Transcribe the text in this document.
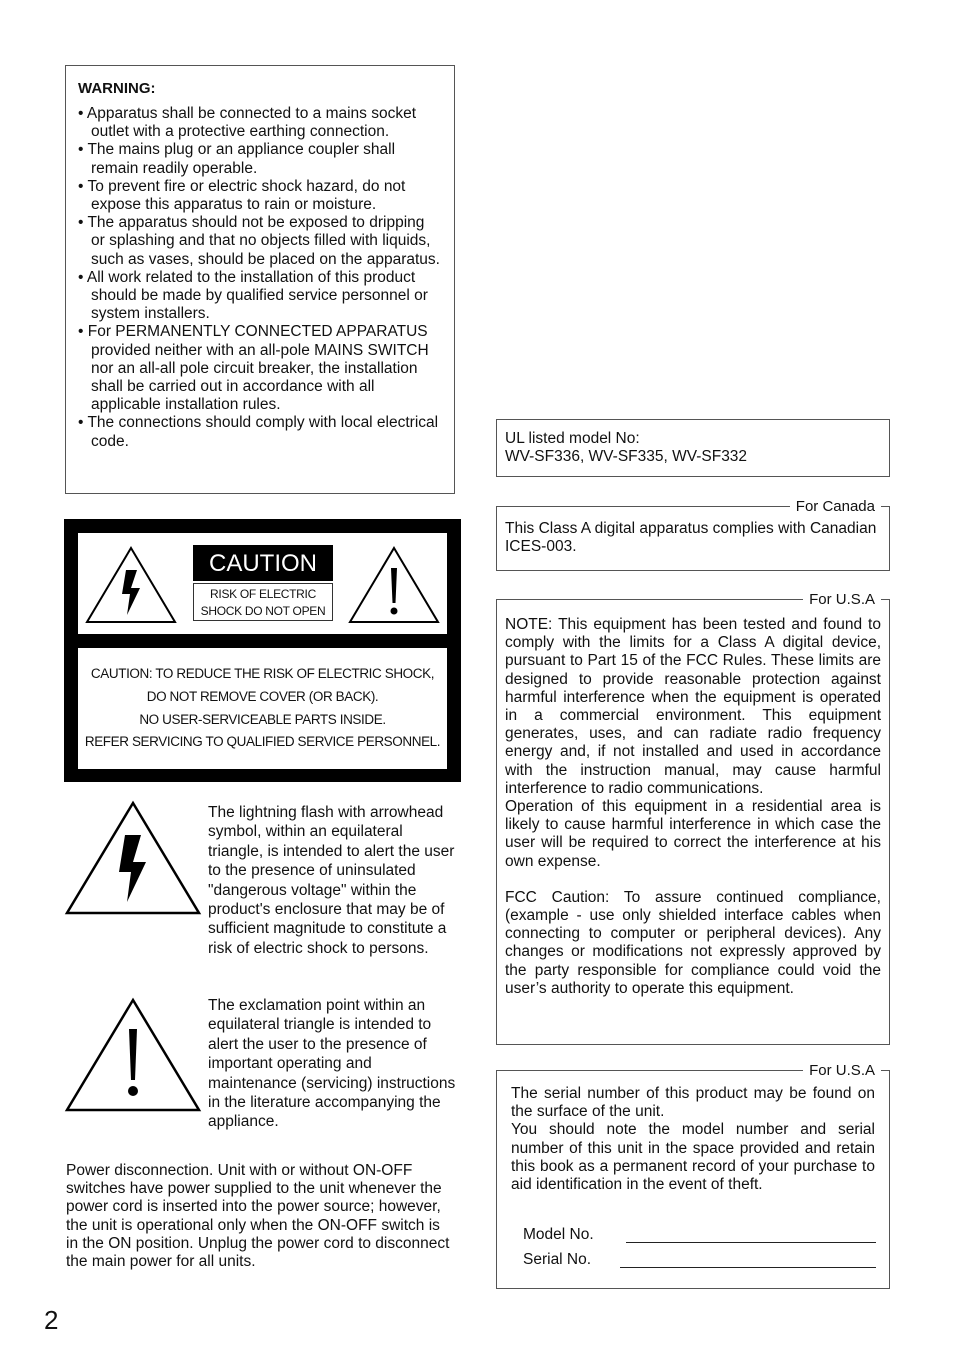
WARNING:
• Apparatus shall be connected to a mains socket outlet with a protective earthing connection.
• The mains plug or an appliance coupler shall remain readily operable.
• To prevent fire or electric shock hazard, do not expose this apparatus to rain or moisture.
• The apparatus should not be exposed to dripping or splashing and that no objects filled with liquids, such as vases, should be placed on the apparatus.
• All work related to the installation of this product should be made by qualified service personnel or system installers.
• For PERMANENTLY CONNECTED APPARATUS provided neither with an all-pole MAINS SWITCH nor an all-all pole circuit breaker, the installation shall be carried out in accordance with all applicable installation rules.
• The connections should comply with local electrical code.
CAUTION
RISK OF ELECTRIC
SHOCK DO NOT OPEN

CAUTION: TO REDUCE THE RISK OF ELECTRIC SHOCK,

DO NOT REMOVE COVER (OR BACK).

NO USER-SERVICEABLE PARTS INSIDE.

REFER SERVICING TO QUALIFIED SERVICE PERSONNEL.

The lightning flash with arrowhead symbol, within an equilateral triangle, is intended to alert the user to the presence of uninsulated "dangerous voltage" within the product's enclosure that may be of sufficient magnitude to constitute a risk of electric shock to persons.
The exclamation point within an equilateral triangle is intended to alert the user to the presence of important operating and maintenance (servicing) instructions in the literature accompanying the appliance.
Power disconnection. Unit with or without ON-OFF switches have power supplied to the unit whenever the power cord is inserted into the power source; however, the unit is operational only when the ON-OFF switch is in the ON position. Unplug the power cord to disconnect the main power for all units.
UL listed model No:
WV-SF336, WV-SF335, WV-SF332
For Canada
This Class A digital apparatus complies with Canadian ICES-003.
For U.S.A
NOTE: This equipment has been tested and found to comply with the limits for a Class A digital device, pursuant to Part 15 of the FCC Rules. These limits are designed to provide reasonable protection against harmful interference when the equipment is operated in a commercial environment. This equipment generates, uses, and can radiate radio frequency energy and, if not installed and used in accordance with the instruction manual, may cause harmful interference to radio communications.
Operation of this equipment in a residential area is likely to cause harmful interference in which case the user will be required to correct the interference at his own expense.
FCC Caution: To assure continued compliance, (example - use only shielded interface cables when connecting to computer or peripheral devices). Any changes or modifications not expressly approved by the party responsible for compliance could void the user’s authority to operate this equipment.
For U.S.A
The serial number of this product may be found on the surface of the unit.
You should note the model number and serial number of this unit in the space provided and retain this book as a permanent record of your purchase to aid identification in the event of theft.
Model No.
Serial No.
2
